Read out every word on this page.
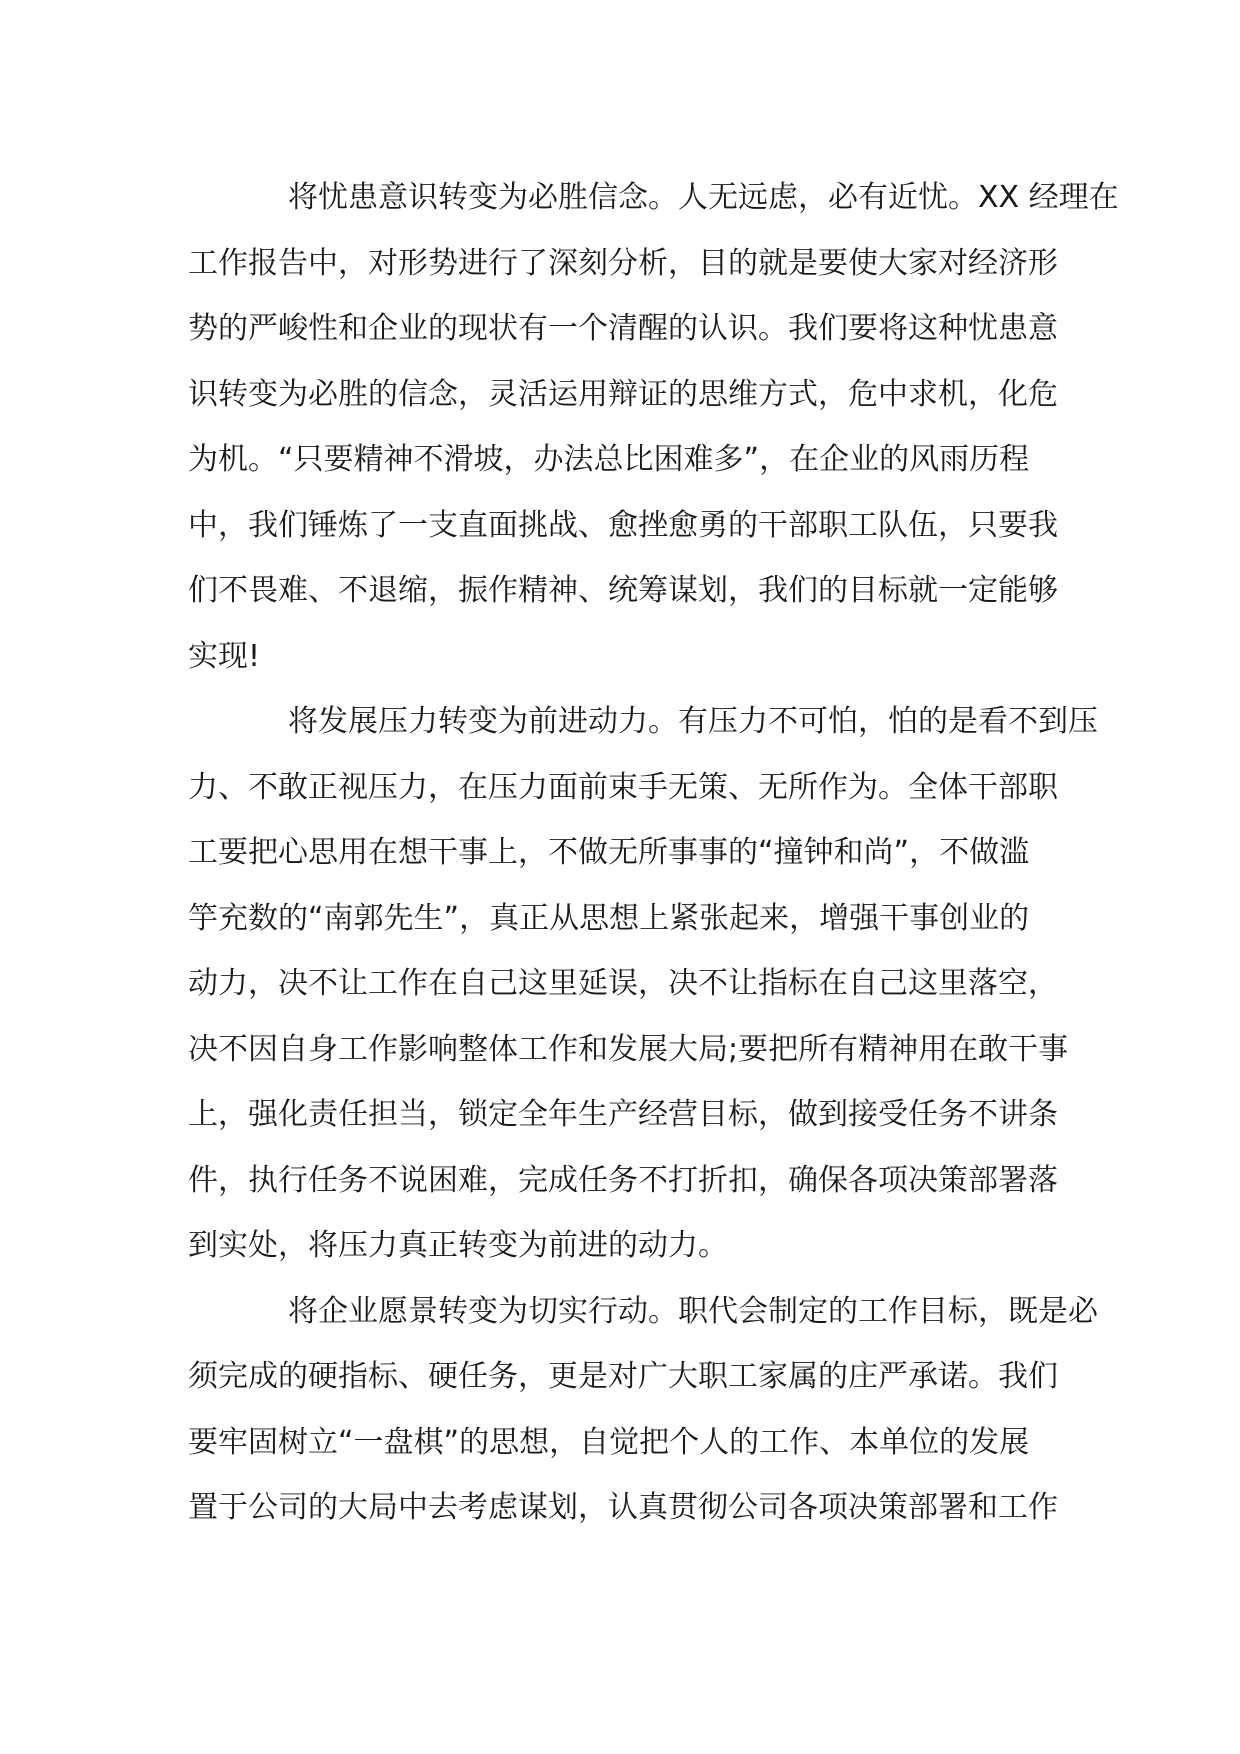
将忧患意识转变为必胜信念。人无远虑，必有近忧。XX 经理在
工作报告中，对形势进行了深刻分析，目的就是要使大家对经济形
势的严峻性和企业的现状有一个清醒的认识。我们要将这种忧患意
识转变为必胜的信念，灵活运用辩证的思维方式，危中求机，化危
为机。“只要精神不滑坡，办法总比困难多”，在企业的风雨历程
中，我们锤炼了一支直面挑战、愈挫愈勇的干部职工队伍，只要我
们不畏难、不退缩，振作精神、统筹谋划，我们的目标就一定能够
实现!

将发展压力转变为前进动力。有压力不可怕，怕的是看不到压
力、不敢正视压力，在压力面前束手无策、无所作为。全体干部职
工要把心思用在想干事上，不做无所事事的“撞钟和尚”，不做滥
竽充数的“南郭先生”，真正从思想上紧张起来，增强干事创业的
动力，决不让工作在自己这里延误，决不让指标在自己这里落空，
决不因自身工作影响整体工作和发展大局;要把所有精神用在敢干事
上，强化责任担当，锁定全年生产经营目标，做到接受任务不讲条
件，执行任务不说困难，完成任务不打折扣，确保各项决策部署落
到实处，将压力真正转变为前进的动力。

将企业愿景转变为切实行动。职代会制定的工作目标，既是必
须完成的硬指标、硬任务，更是对广大职工家属的庄严承诺。我们
要牢固树立“一盘棋”的思想，自觉把个人的工作、本单位的发展
置于公司的大局中去考虑谋划，认真贯彻公司各项决策部署和工作
